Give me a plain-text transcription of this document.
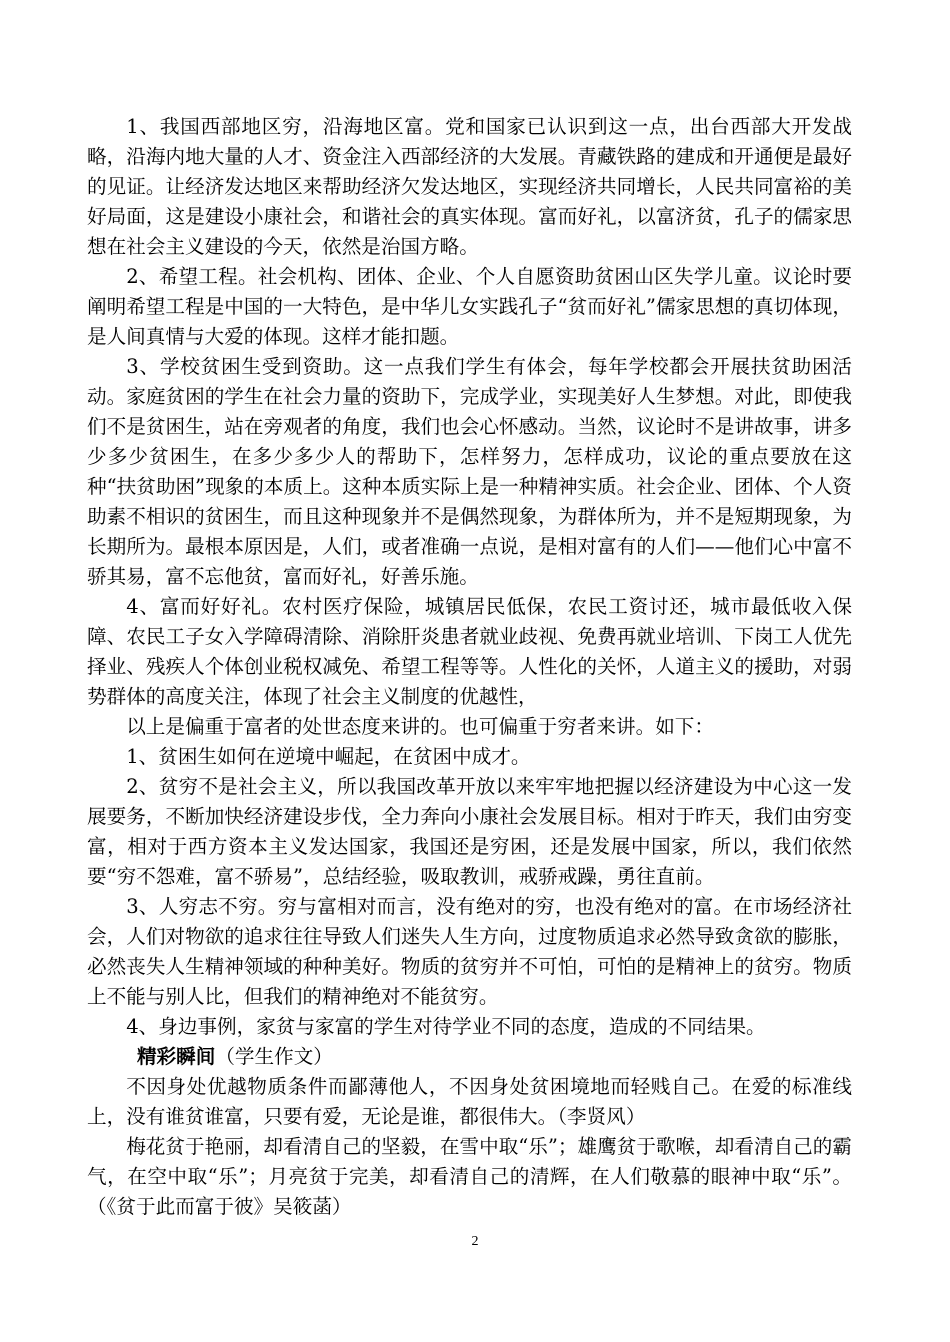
1、我国西部地区穷，沿海地区富。党和国家已认识到这一点，出台西部大开发战略，沿海内地大量的人才、资金注入西部经济的大发展。青藏铁路的建成和开通便是最好的见证。让经济发达地区来帮助经济欠发达地区，实现经济共同增长，人民共同富裕的美好局面，这是建设小康社会，和谐社会的真实体现。富而好礼，以富济贫，孔子的儒家思想在社会主义建设的今天，依然是治国方略。

2、希望工程。社会机构、团体、企业、个人自愿资助贫困山区失学儿童。议论时要阐明希望工程是中国的一大特色，是中华儿女实践孔子“贫而好礼”儒家思想的真切体现，是人间真情与大爱的体现。这样才能扣题。

3、学校贫困生受到资助。这一点我们学生有体会，每年学校都会开展扶贫助困活动。家庭贫困的学生在社会力量的资助下，完成学业，实现美好人生梦想。对此，即使我们不是贫困生，站在旁观者的角度，我们也会心怀感动。当然，议论时不是讲故事，讲多少多少贫困生，在多少多少人的帮助下，怎样努力，怎样成功，议论的重点要放在这种“扶贫助困”现象的本质上。这种本质实际上是一种精神实质。社会企业、团体、个人资助素不相识的贫困生，而且这种现象并不是偶然现象，为群体所为，并不是短期现象，为长期所为。最根本原因是，人们，或者准确一点说，是相对富有的人们——他们心中富不骄其易，富不忘他贫，富而好礼，好善乐施。

4、富而好好礼。农村医疗保险，城镇居民低保，农民工资讨还，城市最低收入保障、农民工子女入学障碍清除、消除肝炎患者就业歧视、免费再就业培训、下岗工人优先择业、残疾人个体创业税权减免、希望工程等等。人性化的关怀，人道主义的援助，对弱势群体的高度关注，体现了社会主义制度的优越性，

以上是偏重于富者的处世态度来讲的。也可偏重于穷者来讲。如下：

1、贫困生如何在逆境中崛起，在贫困中成才。

2、贫穷不是社会主义，所以我国改革开放以来牢牢地把握以经济建设为中心这一发展要务，不断加快经济建设步伐，全力奔向小康社会发展目标。相对于昨天，我们由穷变富，相对于西方资本主义发达国家，我国还是穷困，还是发展中国家，所以，我们依然要“穷不怨难，富不骄易”，总结经验，吸取教训，戒骄戒躁，勇往直前。

3、人穷志不穷。穷与富相对而言，没有绝对的穷，也没有绝对的富。在市场经济社会，人们对物欲的追求往往导致人们迷失人生方向，过度物质追求必然导致贪欲的膨胀，必然丧失人生精神领域的种种美好。物质的贫穷并不可怕，可怕的是精神上的贫穷。物质上不能与别人比，但我们的精神绝对不能贫穷。

4、身边事例，家贫与家富的学生对待学业不同的态度，造成的不同结果。

精彩瞬间（学生作文）

不因身处优越物质条件而鄙薄他人，不因身处贫困境地而轻贱自己。在爱的标准线上，没有谁贫谁富，只要有爱，无论是谁，都很伟大。（李贤风）

梅花贫于艳丽，却看清自己的坚毅，在雪中取“乐”；雄鹰贫于歌喉，却看清自己的霸气，在空中取“乐”；月亮贫于完美，却看清自己的清辉，在人们敬慕的眼神中取“乐”。（《贫于此而富于彼》吴筱菡）

2
